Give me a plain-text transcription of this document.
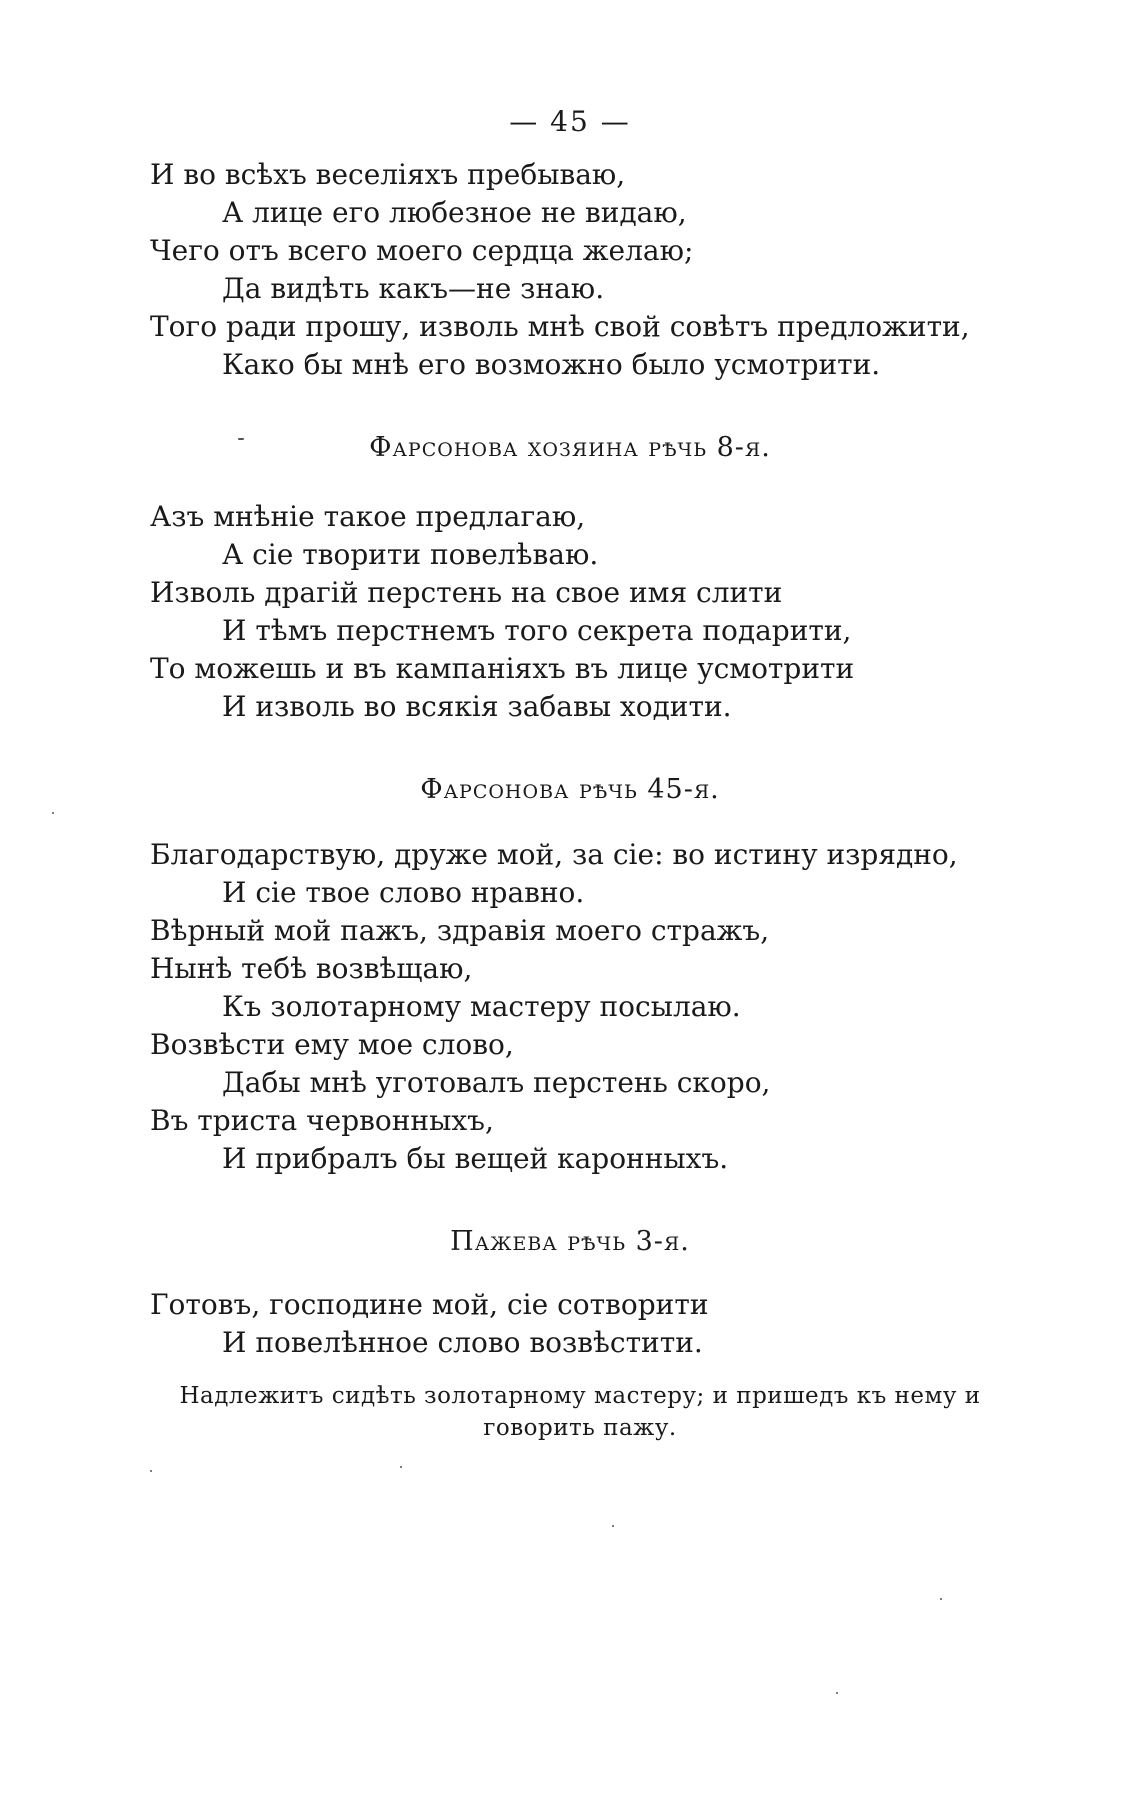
— 45 —
И во всѣхъ веселіяхъ пребываю,
А лице его любезное не видаю,
Чего отъ всего моего сердца желаю;
Да видѣть какъ—не знаю.
Того ради прошу, изволь мнѣ свой совѣтъ предложити,
Како бы мнѣ его возможно было усмотрити.
Фарсонова хозяина рѣчь 8-я.
Азъ мнѣніе такое предлагаю,
А сіе творити повелѣваю.
Изволь драгій перстень на свое имя слити
И тѣмъ перстнемъ того секрета подарити,
То можешь и въ кампаніяхъ въ лице усмотрити
И изволь во всякія забавы ходити.
Фарсонова рѣчь 45-я.
Благодарствую, друже мой, за сіе: во истину изрядно,
И сіе твое слово нравно.
Вѣрный мой пажъ, здравія моего стражъ,
Нынѣ тебѣ возвѣщаю,
Къ золотарному мастеру посылаю.
Возвѣсти ему мое слово,
Дабы мнѣ уготовалъ перстень скоро,
Въ триста червонныхъ,
И прибралъ бы вещей каронныхъ.
Пажева рѣчь 3-я.
Готовъ, господине мой, сіе сотворити
И повелѣнное слово возвѣстити.
Надлежитъ сидѣть золотарному мастеру; и пришедъ къ нему и
говорить пажу.
